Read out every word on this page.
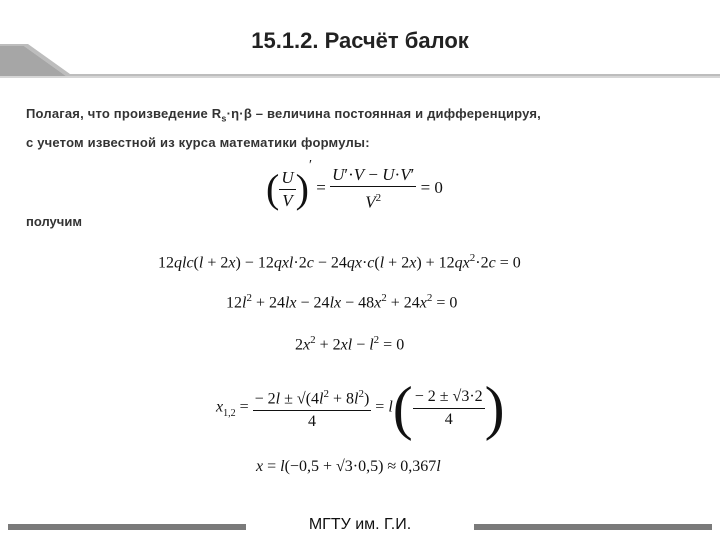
15.1.2. Расчёт балок
Полагая, что произведение $R_s\cdot\eta\cdot\beta$ – величина постоянная и дифференцируя,
с учетом известной из курса математики формулы:
( $\frac{U}{V} )' = \frac{U'\cdot V - U\cdot V'}{V^2} = 0$
получим
$12qlc(l + 2x) - 12qxl\cdot 2c - 24qx\cdot c(l + 2x) + 12qx^2\cdot 2c = 0$
$12l^2 + 24lx - 24lx - 48x^2 + 24x^2 = 0$
$2x^2 + 2xl - l^2 = 0$
$x_{1,2} = \frac{- 2l \pm √(4l^2 + 8l^2)}{4} = l( \frac{- 2 \pm √3\cdot 2}{4}$ )
x = l(−0,5 + √3·0,5) ≈ 0,367l
МГТУ им. Г.И.
